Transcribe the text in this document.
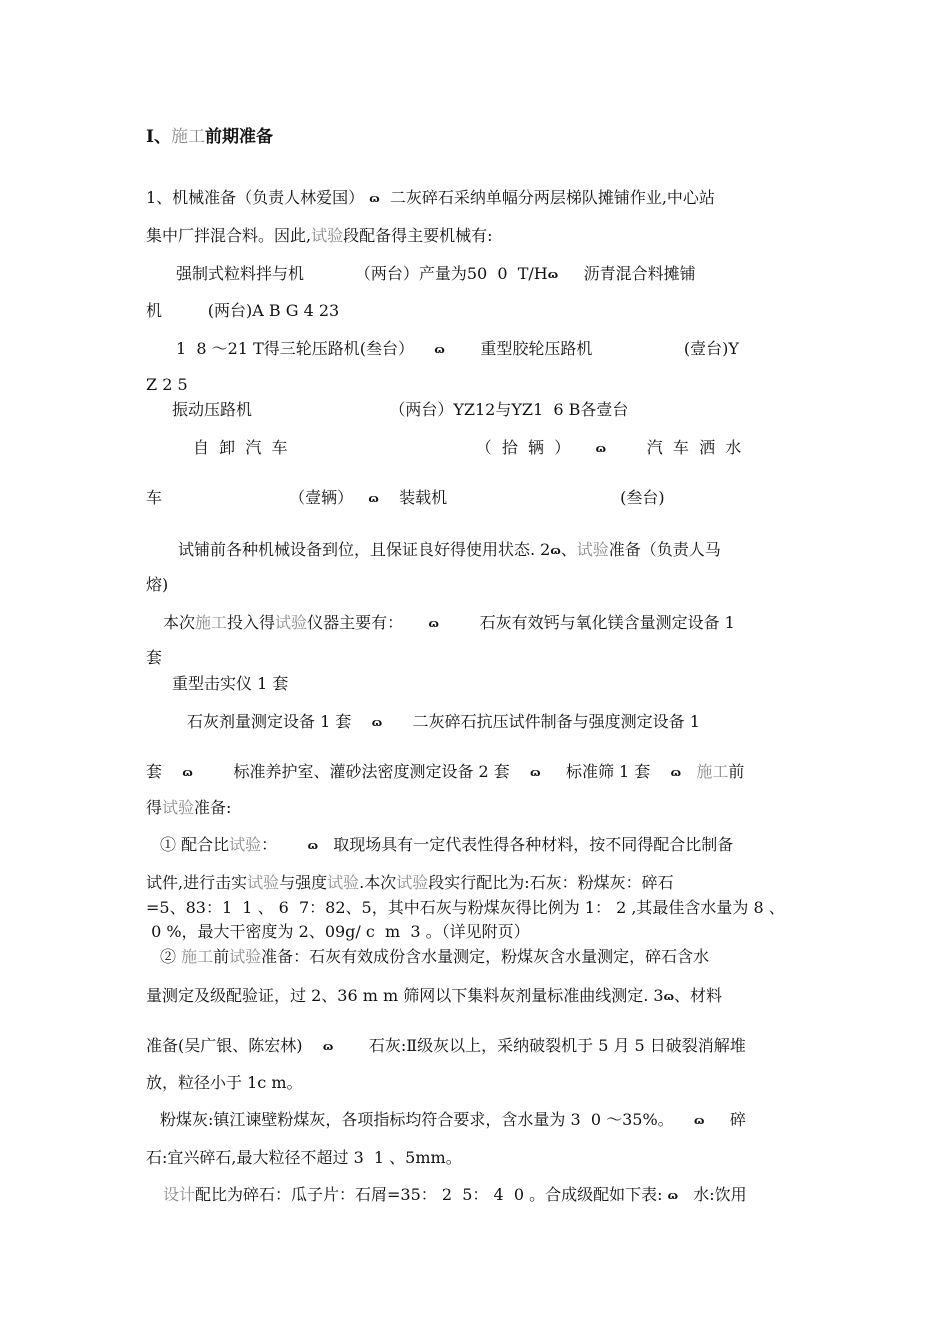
Ⅰ、施工前期准备
1、机械准备（负责人林爱国） ɷ  二灰碎石采纳单幅分两层梯队摊铺作业,中心站
集中厂拌混合料。因此,试验段配备得主要机械有:
强制式粒料拌与机          （两台）产量为50  0  T/Hɷ     沥青混合料摊铺
机         (两台)A B G 4 23
1  8 ～21 T得三轮压路机(叁台）    ɷ       重型胶轮压路机                  (壹台)Y
Z 2 5
振动压路机                           （两台）YZ12与YZ1  6 B各壹台
自  卸  汽  车                                     （  拾  辆  ）     ɷ        汽  车  洒  水
车                         （壹辆）   ɷ    装载机                                  (叁台)
试铺前各种机械设备到位，且保证良好得使用状态. 2ɷ、试验准备（负责人马
熔)
本次施工投入得试验仪器主要有：     ɷ        石灰有效钙与氧化镁含量测定设备 1
套
重型击实仪 1 套
石灰剂量测定设备 1 套    ɷ      二灰碎石抗压试件制备与强度测定设备 1
套    ɷ        标准养护室、灌砂法密度测定设备 2 套    ɷ     标准筛 1 套    ɷ 施工前
得试验准备:
① 配合比试验：      ɷ   取现场具有一定代表性得各种材料，按不同得配合比制备
试件,进行击实试验与强度试验.本次试验段实行配比为:石灰：粉煤灰：碎石
=5、83：1  1 、 6  7：82、5，其中石灰与粉煤灰得比例为 1： 2 ,其最佳含水量为 8 、
0 %，最大干密度为 2、09g/ c  m  3 。（详见附页）
② 施工前试验准备：石灰有效成份含水量测定，粉煤灰含水量测定，碎石含水
量测定及级配验证，过 2、36 m m 筛网以下集料灰剂量标准曲线测定. 3ɷ、材料
准备(吴广银、陈宏林)    ɷ       石灰:Ⅱ级灰以上，采纳破裂机于 5 月 5 日破裂消解堆
放，粒径小于 1c m。
粉煤灰:镇江谏壁粉煤灰，各项指标均符合要求，含水量为 3  0 ～35%。    ɷ     碎
石:宜兴碎石,最大粒径不超过 3  1 、5mm。
设计配比为碎石：瓜子片：石屑=35： 2  5： 4  0 。合成级配如下表: ɷ   水:饮用
